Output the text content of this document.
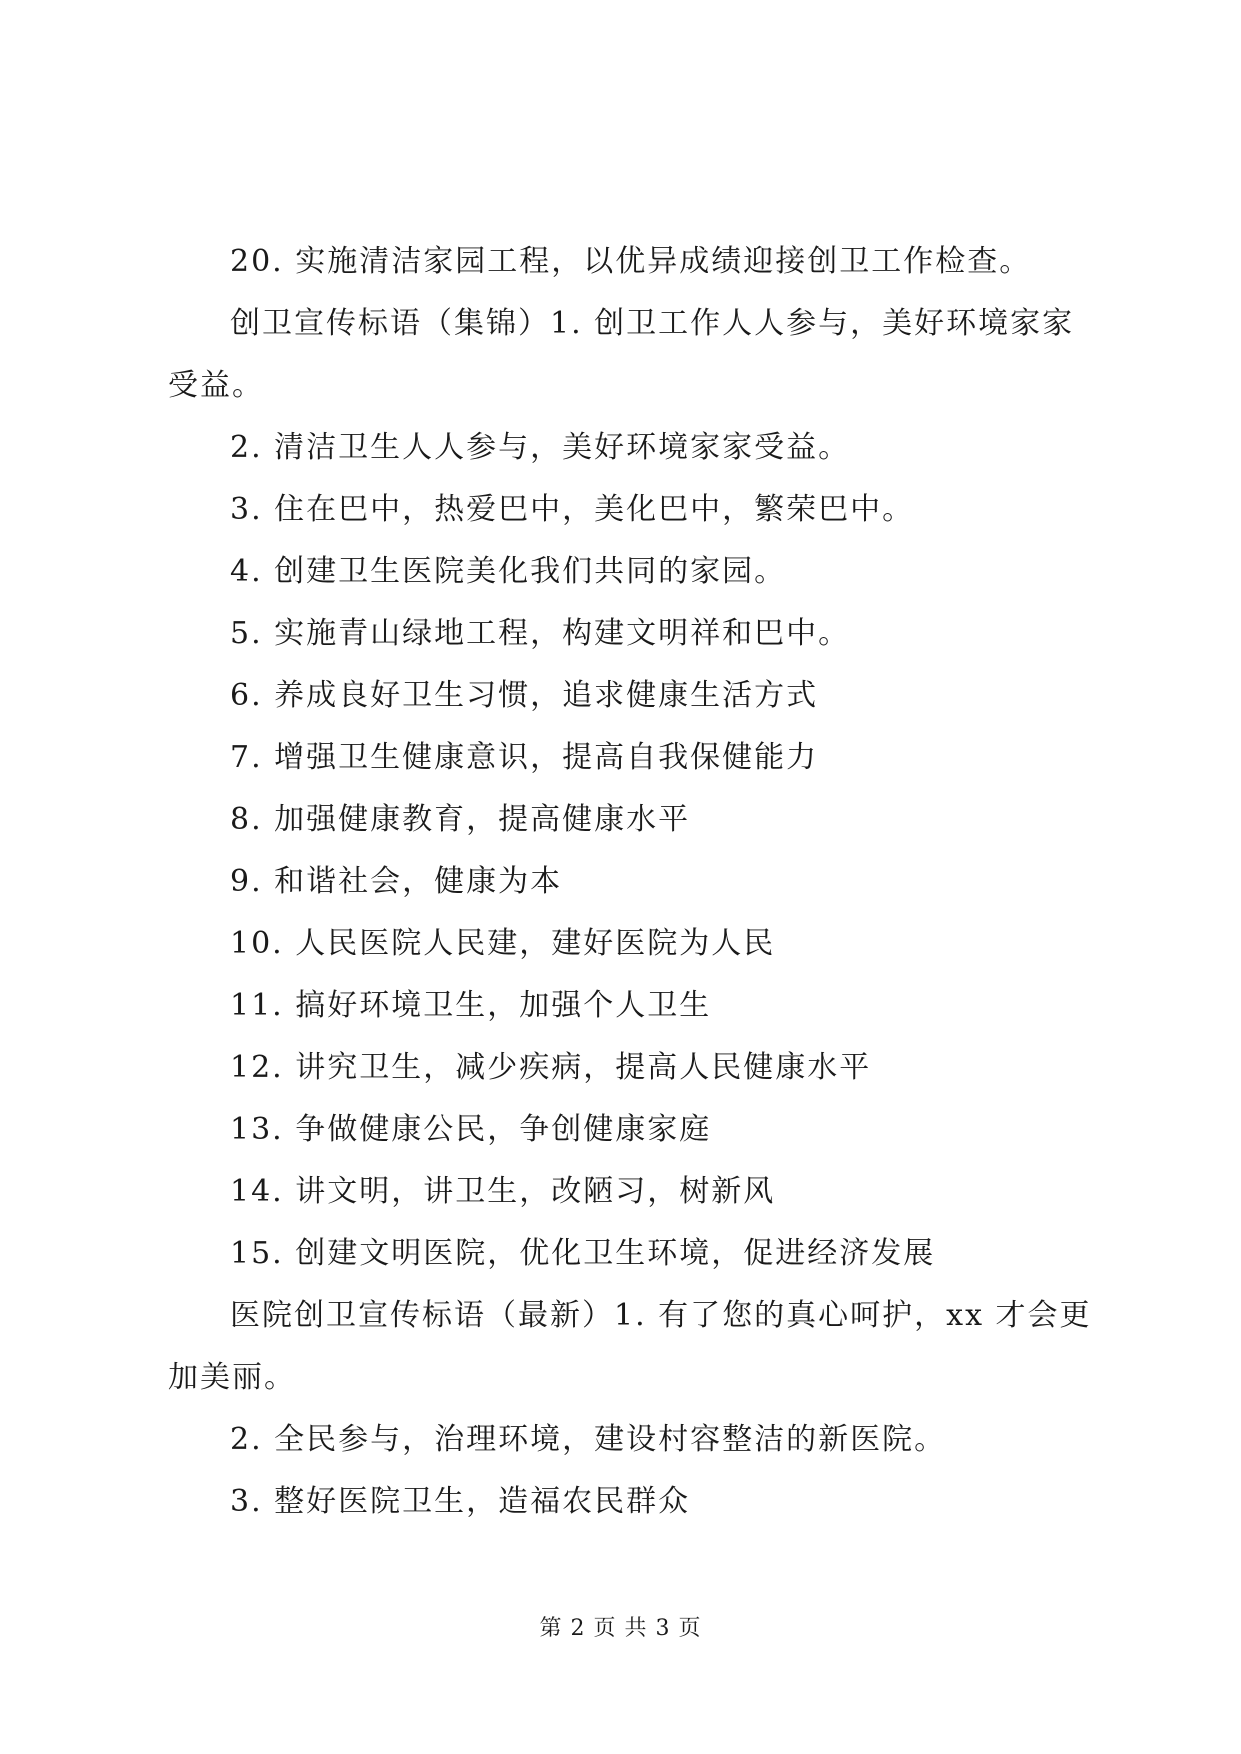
20. 实施清洁家园工程，以优异成绩迎接创卫工作检查。

创卫宣传标语（集锦）1. 创卫工作人人参与，美好环境家家受益。

2. 清洁卫生人人参与，美好环境家家受益。

3. 住在巴中，热爱巴中，美化巴中，繁荣巴中。

4. 创建卫生医院美化我们共同的家园。

5. 实施青山绿地工程，构建文明祥和巴中。

6. 养成良好卫生习惯，追求健康生活方式

7. 增强卫生健康意识，提高自我保健能力

8. 加强健康教育，提高健康水平

9. 和谐社会，健康为本

10. 人民医院人民建，建好医院为人民

11. 搞好环境卫生，加强个人卫生

12. 讲究卫生，减少疾病，提高人民健康水平

13. 争做健康公民，争创健康家庭

14. 讲文明，讲卫生，改陋习，树新风

15. 创建文明医院，优化卫生环境，促进经济发展

医院创卫宣传标语（最新）1. 有了您的真心呵护，xx 才会更加美丽。

2. 全民参与，治理环境，建设村容整洁的新医院。

3. 整好医院卫生，造福农民群众

第 2 页 共 3 页
